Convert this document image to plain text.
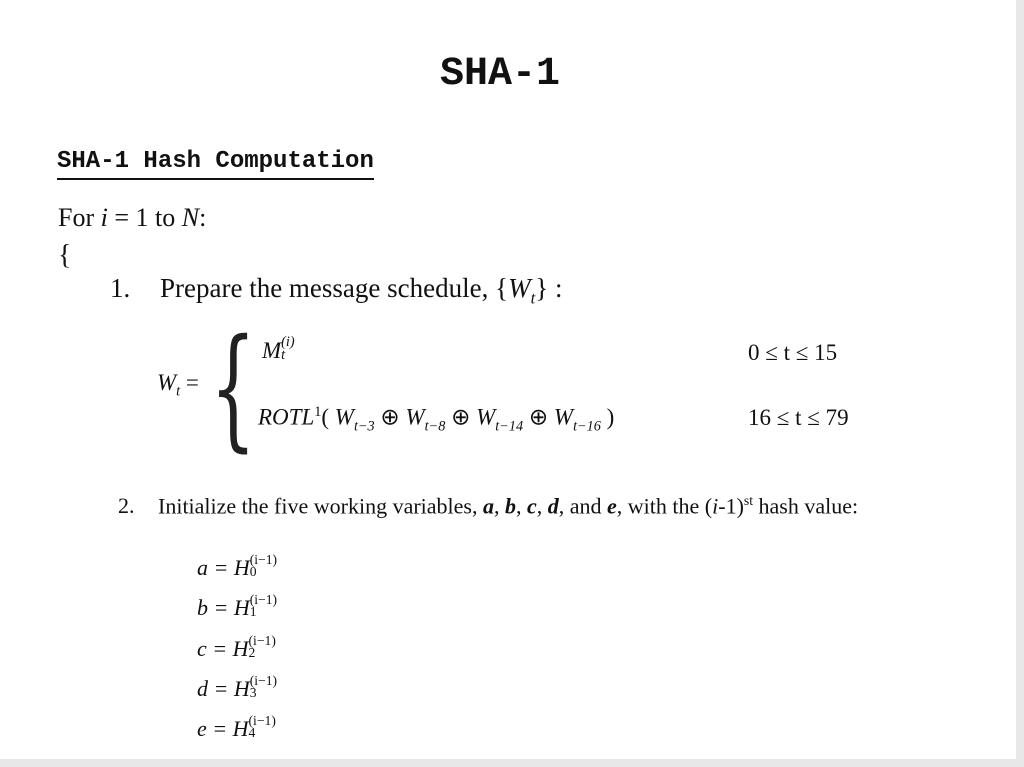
SHA-1
SHA-1 Hash Computation
For i = 1 to N:
{
1. Prepare the message schedule, $\{W_t\}$ :
$W_t$ = { M (i)
t	0 ≤ t ≤ 15
ROTL$^1$( $W_{t-3}$ ⊕ $W_{t-8}$ ⊕ $W_{t-14}$ ⊕ $W_{t-16}$ )	16 ≤ t ≤ 79
2. Initialize the five working variables, a, b, c, d, and e, with the $(i-1)^{st}$ hash value:
a = H (i−1)
0
b = H (i−1)
1
c = H (i−1)
2
d = H (i−1)
3
e = H (i−1)
4
